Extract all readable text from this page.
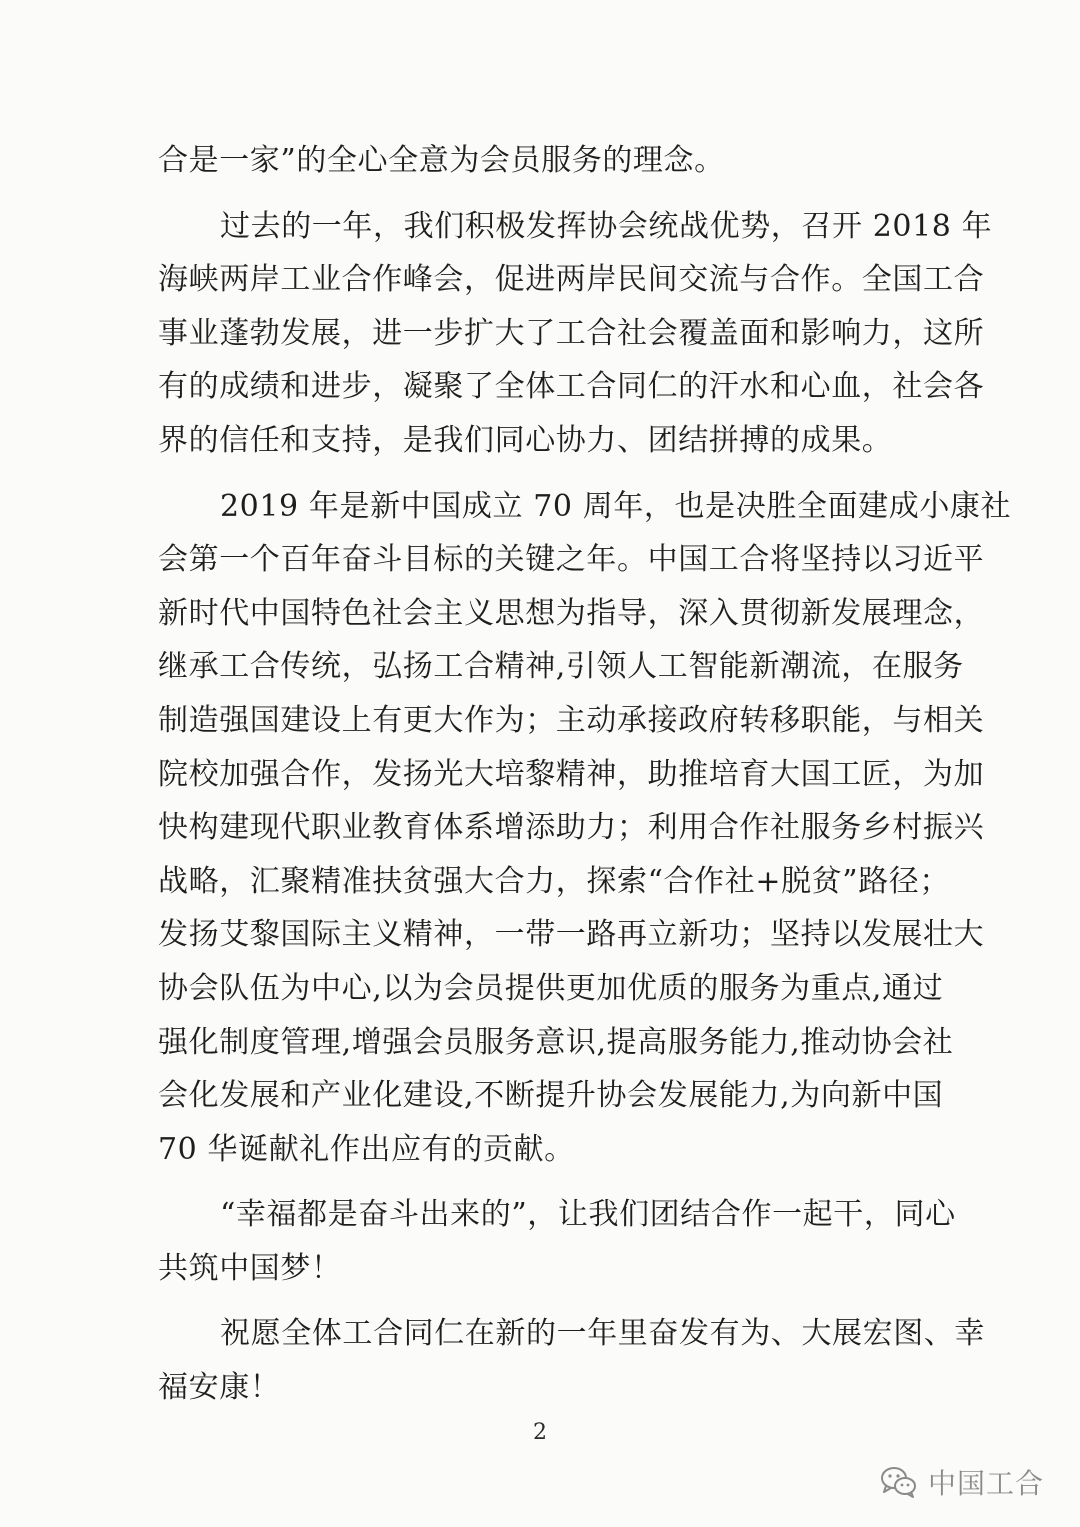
合是一家”的全心全意为会员服务的理念。
过去的一年，我们积极发挥协会统战优势，召开 2018 年
海峡两岸工业合作峰会，促进两岸民间交流与合作。全国工合
事业蓬勃发展，进一步扩大了工合社会覆盖面和影响力，这所
有的成绩和进步，凝聚了全体工合同仁的汗水和心血，社会各
界的信任和支持，是我们同心协力、团结拼搏的成果。
2019 年是新中国成立 70 周年，也是决胜全面建成小康社
会第一个百年奋斗目标的关键之年。中国工合将坚持以习近平
新时代中国特色社会主义思想为指导，深入贯彻新发展理念，
继承工合传统，弘扬工合精神,引领人工智能新潮流，在服务
制造强国建设上有更大作为；主动承接政府转移职能，与相关
院校加强合作，发扬光大培黎精神，助推培育大国工匠，为加
快构建现代职业教育体系增添助力；利用合作社服务乡村振兴
战略，汇聚精准扶贫强大合力，探索“合作社+脱贫”路径；
发扬艾黎国际主义精神，一带一路再立新功；坚持以发展壮大
协会队伍为中心,以为会员提供更加优质的服务为重点,通过
强化制度管理,增强会员服务意识,提高服务能力,推动协会社
会化发展和产业化建设,不断提升协会发展能力,为向新中国
70 华诞献礼作出应有的贡献。
“幸福都是奋斗出来的”，让我们团结合作一起干，同心
共筑中国梦！
祝愿全体工合同仁在新的一年里奋发有为、大展宏图、幸
福安康！
2
中国工合
